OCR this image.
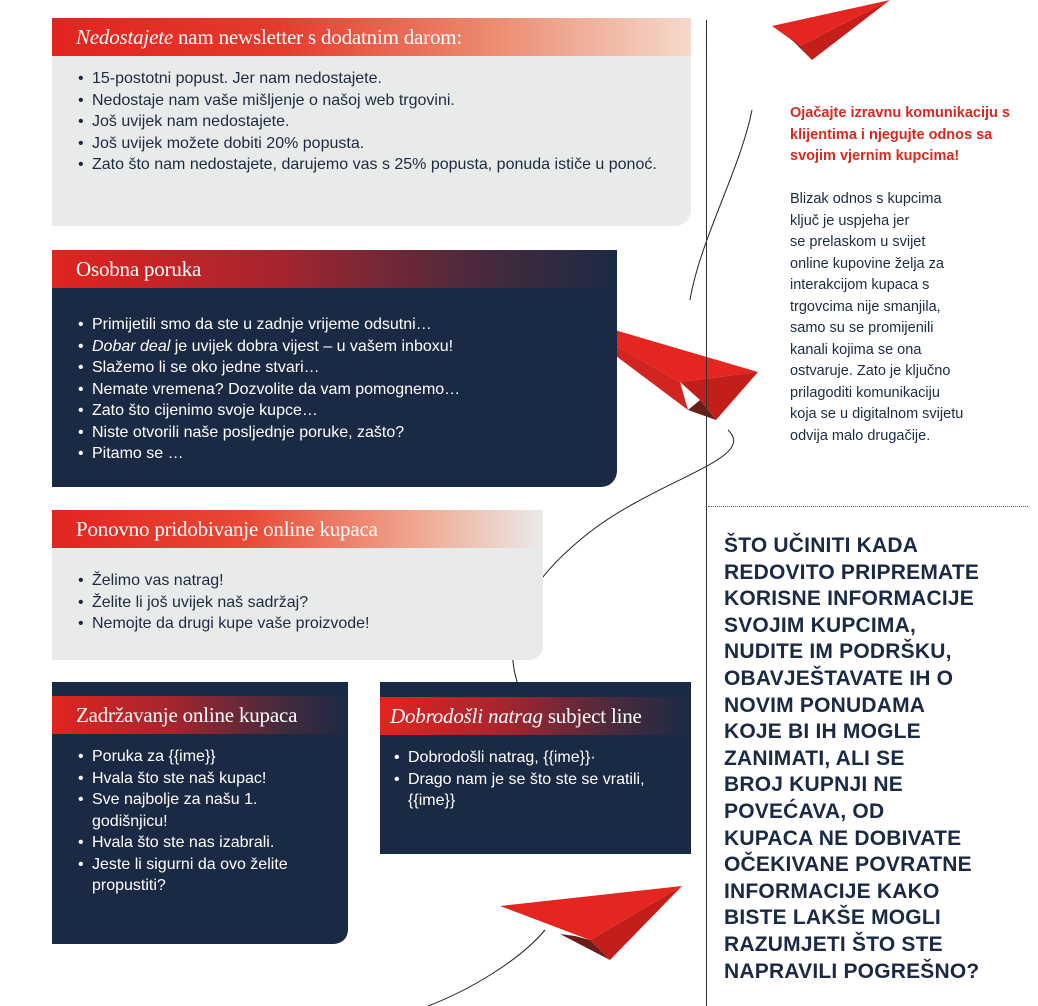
Nedostajete nam newsletter s dodatnim darom:
• 15-postotni popust. Jer nam nedostajete.
• Nedostaje nam vaše mišljenje o našoj web trgovini.
• Još uvijek nam nedostajete.
• Još uvijek možete dobiti 20% popusta.
• Zato što nam nedostajete, darujemo vas s 25% popusta, ponuda ističe u ponoć.
Osobna poruka
• Primijetili smo da ste u zadnje vrijeme odsutni…
• Dobar deal je uvijek dobra vijest – u vašem inboxu!
• Slažemo li se oko jedne stvari…
• Nemate vremena? Dozvolite da vam pomognemo…
• Zato što cijenimo svoje kupce…
• Niste otvorili naše posljednje poruke, zašto?
• Pitamo se …
Ponovno pridobivanje online kupaca
• Želimo vas natrag!
• Želite li još uvijek naš sadržaj?
• Nemojte da drugi kupe vaše proizvode!
Zadržavanje online kupaca
• Poruka za {{ime}}
• Hvala što ste naš kupac!
• Sve najbolje za našu 1. godišnjicu!
• Hvala što ste nas izabrali.
• Jeste li sigurni da ovo želite propustiti?
Dobrodošli natrag subject line
• Dobrodošli natrag, {{ime}}·
• Drago nam je se što ste se vratili, {{ime}}
Ojačajte izravnu komunikaciju s klijentima i njegujte odnos sa svojim vjernim kupcima!
Blizak odnos s kupcima
ključ je uspjeha jer
se prelaskom u svijet
online kupovine želja za
interakcijom kupaca s
trgovcima nije smanjila,
samo su se promijenili
kanali kojima se ona
ostvaruje. Zato je ključno
prilagoditi komunikaciju
koja se u digitalnom svijetu
odvija malo drugačije.
ŠTO UČINITI KADA
REDOVITO PRIPREMATE
KORISNE INFORMACIJE
SVOJIM KUPCIMA,
NUDITE IM PODRŠKU,
OBAVJEŠTAVATE IH O
NOVIM PONUDAMA
KOJE BI IH MOGLE
ZANIMATI, ALI SE
BROJ KUPNJI NE
POVEĆAVA, OD
KUPACA NE DOBIVATE
OČEKIVANE POVRATNE
INFORMACIJE KAKO
BISTE LAKŠE MOGLI
RAZUMJETI ŠTO STE
NAPRAVILI POGREŠNO?
